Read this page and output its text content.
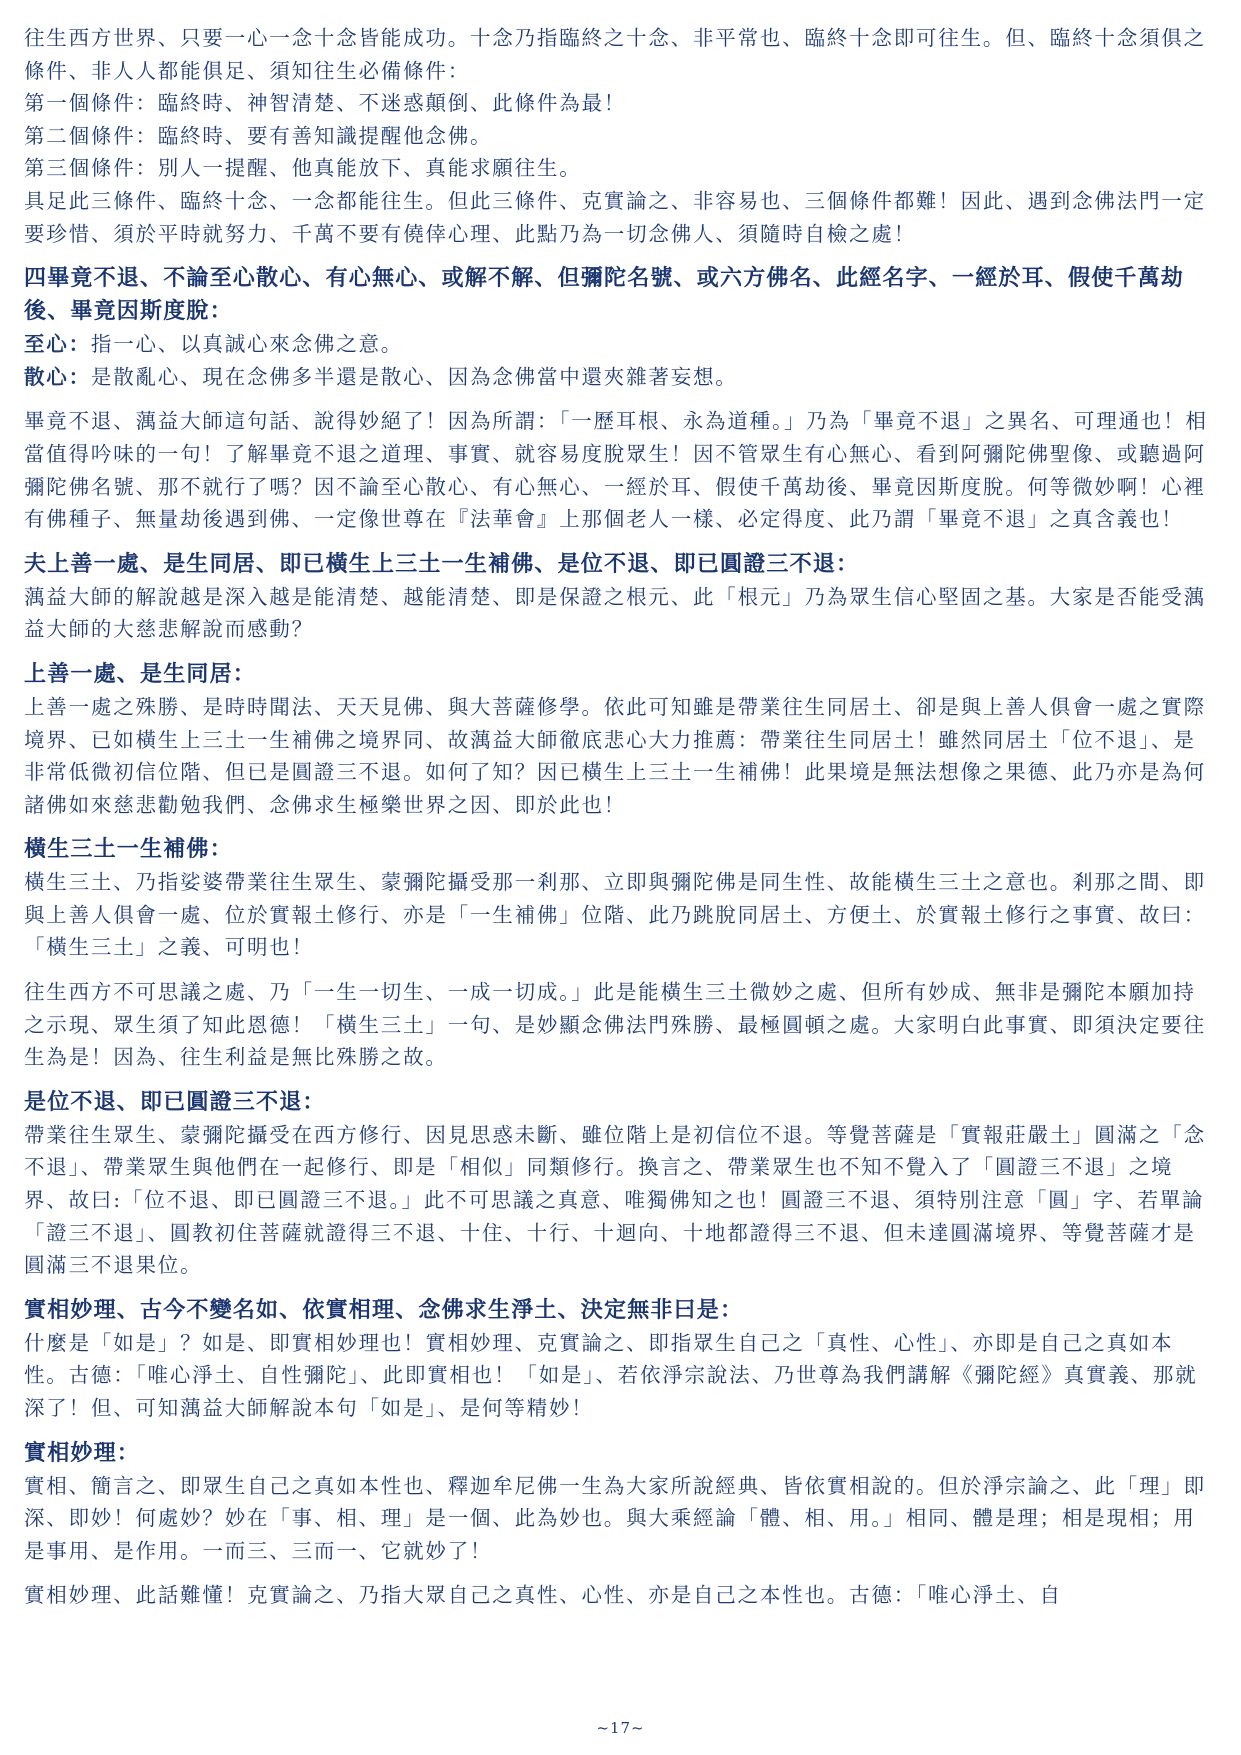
往生西方世界、只要一心一念十念皆能成功。十念乃指臨終之十念、非平常也、臨終十念即可往生。但、臨終十念須俱之條件、非人人都能俱足、須知往生必備條件：

第一個條件：臨終時、神智清楚、不迷惑顛倒、此條件為最！

第二個條件：臨終時、要有善知識提醒他念佛。

第三個條件：別人一提醒、他真能放下、真能求願往生。

具足此三條件、臨終十念、一念都能往生。但此三條件、克實論之、非容易也、三個條件都難！因此、遇到念佛法門一定要珍惜、須於平時就努力、千萬不要有僥倖心理、此點乃為一切念佛人、須隨時自檢之處！

四畢竟不退、不論至心散心、有心無心、或解不解、但彌陀名號、或六方佛名、此經名字、一經於耳、假使千萬劫後、畢竟因斯度脫：

至心：指一心、以真誠心來念佛之意。

散心：是散亂心、現在念佛多半還是散心、因為念佛當中還夾雜著妄想。

畢竟不退、蕅益大師這句話、說得妙絕了！因為所謂：「一歷耳根、永為道種。」乃為「畢竟不退」之異名、可理通也！相當值得吟味的一句！了解畢竟不退之道理、事實、就容易度脫眾生！因不管眾生有心無心、看到阿彌陀佛聖像、或聽過阿彌陀佛名號、那不就行了嗎？因不論至心散心、有心無心、一經於耳、假使千萬劫後、畢竟因斯度脫。何等微妙啊！心裡有佛種子、無量劫後遇到佛、一定像世尊在『法華會』上那個老人一樣、必定得度、此乃謂「畢竟不退」之真含義也！

夫上善一處、是生同居、即已橫生上三土一生補佛、是位不退、即已圓證三不退：

蕅益大師的解說越是深入越是能清楚、越能清楚、即是保證之根元、此「根元」乃為眾生信心堅固之基。大家是否能受蕅益大師的大慈悲解說而感動？

上善一處、是生同居：

上善一處之殊勝、是時時聞法、天天見佛、與大菩薩修學。依此可知雖是帶業往生同居土、卻是與上善人俱會一處之實際境界、已如橫生上三土一生補佛之境界同、故蕅益大師徹底悲心大力推薦：帶業往生同居土！雖然同居土「位不退」、是非常低微初信位階、但已是圓證三不退。如何了知？因已橫生上三土一生補佛！此果境是無法想像之果德、此乃亦是為何諸佛如來慈悲勸勉我們、念佛求生極樂世界之因、即於此也！

橫生三土一生補佛：

橫生三土、乃指娑婆帶業往生眾生、蒙彌陀攝受那一剎那、立即與彌陀佛是同生性、故能橫生三土之意也。剎那之間、即與上善人俱會一處、位於實報土修行、亦是「一生補佛」位階、此乃跳脫同居土、方便土、於實報土修行之事實、故曰：「橫生三土」之義、可明也！

往生西方不可思議之處、乃「一生一切生、一成一切成。」此是能橫生三土微妙之處、但所有妙成、無非是彌陀本願加持之示現、眾生須了知此恩德！「橫生三土」一句、是妙顯念佛法門殊勝、最極圓頓之處。大家明白此事實、即須決定要往生為是！因為、往生利益是無比殊勝之故。

是位不退、即已圓證三不退：

帶業往生眾生、蒙彌陀攝受在西方修行、因見思惑未斷、雖位階上是初信位不退。等覺菩薩是「實報莊嚴土」圓滿之「念不退」、帶業眾生與他們在一起修行、即是「相似」同類修行。換言之、帶業眾生也不知不覺入了「圓證三不退」之境界、故曰:「位不退、即已圓證三不退。」此不可思議之真意、唯獨佛知之也！圓證三不退、須特別注意「圓」字、若單論「證三不退」、圓教初住菩薩就證得三不退、十住、十行、十迴向、十地都證得三不退、但未達圓滿境界、等覺菩薩才是圓滿三不退果位。

實相妙理、古今不變名如、依實相理、念佛求生淨土、決定無非曰是：

什麼是「如是」？如是、即實相妙理也！實相妙理、克實論之、即指眾生自己之「真性、心性」、亦即是自己之真如本性。古德：「唯心淨土、自性彌陀」、此即實相也！「如是」、若依淨宗說法、乃世尊為我們講解《彌陀經》真實義、那就深了！但、可知蕅益大師解說本句「如是」、是何等精妙！

實相妙理：

實相、簡言之、即眾生自己之真如本性也、釋迦牟尼佛一生為大家所說經典、皆依實相說的。但於淨宗論之、此「理」即深、即妙！何處妙？妙在「事、相、理」是一個、此為妙也。與大乘經論「體、相、用。」相同、體是理；相是現相；用是事用、是作用。一而三、三而一、它就妙了！

實相妙理、此話難懂！克實論之、乃指大眾自己之真性、心性、亦是自己之本性也。古德：「唯心淨土、自

~17~
